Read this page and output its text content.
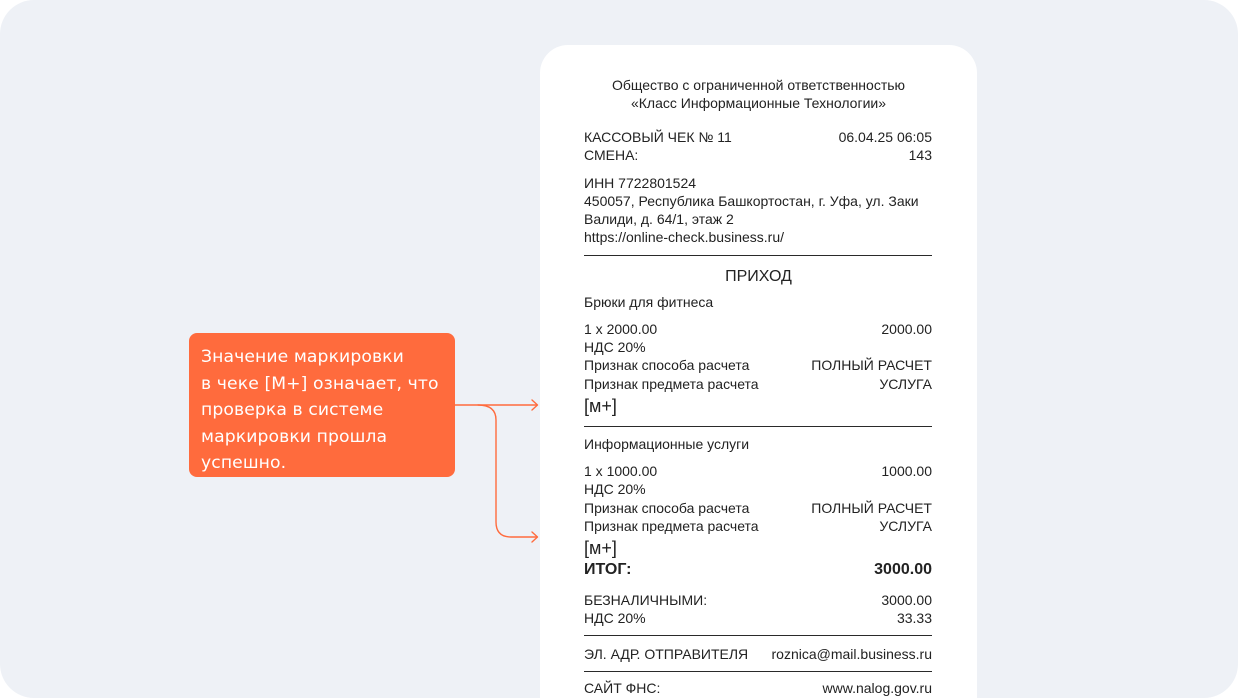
Значение маркировки
в чеке [М+] означает, что
проверка в системе
маркировки прошла
успешно.
Общество с ограниченной ответственностью
«Класс Информационные Технологии»
КАССОВЫЙ ЧЕК № 11	06.04.25 06:05
СМЕНА:	143
ИНН 7722801524
450057, Республика Башкортостан, г. Уфа, ул. Заки
Валиди, д. 64/1, этаж 2
https://online-check.business.ru/
ПРИХОД
Брюки для фитнеса
1 x 2000.00	2000.00
НДС 20%
Признак способа расчета	ПОЛНЫЙ РАСЧЕТ
Признак предмета расчета	УСЛУГА
[м+]
Информационные услуги
1 x 1000.00	1000.00
НДС 20%
Признак способа расчета	ПОЛНЫЙ РАСЧЕТ
Признак предмета расчета	УСЛУГА
[м+]
ИТОГ:	3000.00
БЕЗНАЛИЧНЫМИ:	3000.00
НДС 20%	33.33
ЭЛ. АДР. ОТПРАВИТЕЛЯ roznica@mail.business.ru
САЙТ ФНС:	www.nalog.gov.ru
